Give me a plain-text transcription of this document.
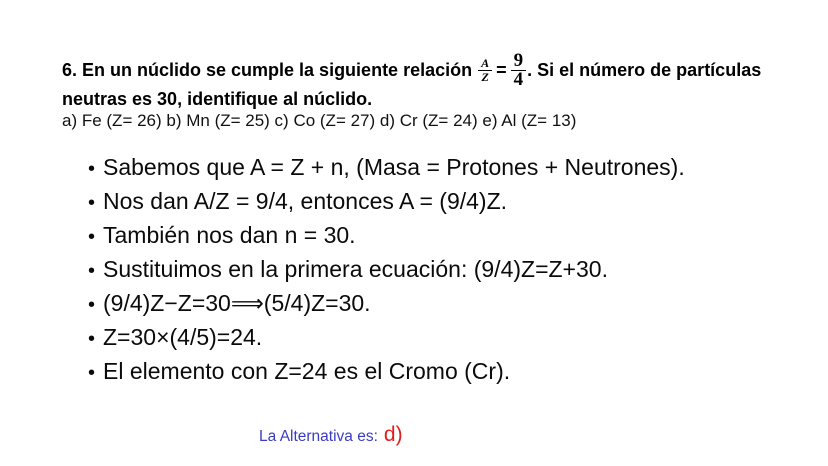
6. En un núclido se cumple la siguiente relación $\frac{A}{Z} = \frac{9}{4}$ . Si el número de partículas
neutras es 30, identifique al núclido.
a) Fe (Z= 26) b) Mn (Z= 25) c) Co (Z= 27) d) Cr (Z= 24) e) Al (Z= 13)
• Sabemos que A = Z + n, (Masa = Protones + Neutrones).
• Nos dan A/Z = 9/4, entonces A = (9/4)Z.
• También nos dan n = 30.
• Sustituimos en la primera ecuación: (9/4)Z=Z+30.
• (9/4)Z−Z=30⟹(5/4)Z=30.
• Z=30×(4/5)=24.
• El elemento con Z=24 es el Cromo (Cr).
La Alternativa es: d)
